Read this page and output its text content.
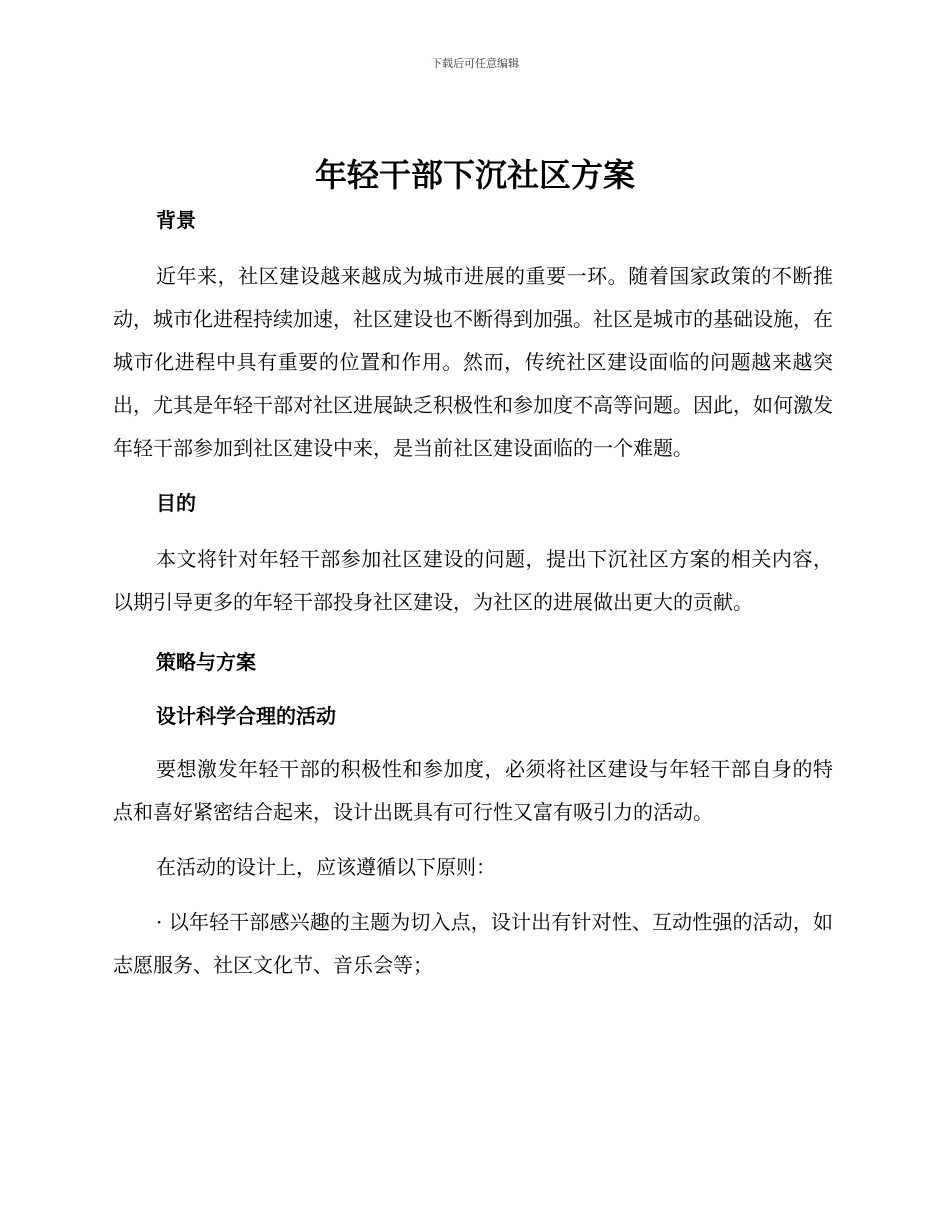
下载后可任意编辑
年轻干部下沉社区方案

背景

近年来，社区建设越来越成为城市进展的重要一环。随着国家政策的不断推动，城市化进程持续加速，社区建设也不断得到加强。社区是城市的基础设施，在城市化进程中具有重要的位置和作用。然而，传统社区建设面临的问题越来越突出，尤其是年轻干部对社区进展缺乏积极性和参加度不高等问题。因此，如何激发年轻干部参加到社区建设中来，是当前社区建设面临的一个难题。

目的

本文将针对年轻干部参加社区建设的问题，提出下沉社区方案的相关内容，以期引导更多的年轻干部投身社区建设，为社区的进展做出更大的贡献。

策略与方案

设计科学合理的活动

要想激发年轻干部的积极性和参加度，必须将社区建设与年轻干部自身的特点和喜好紧密结合起来，设计出既具有可行性又富有吸引力的活动。

在活动的设计上，应该遵循以下原则：

· 以年轻干部感兴趣的主题为切入点，设计出有针对性、互动性强的活动，如志愿服务、社区文化节、音乐会等；
